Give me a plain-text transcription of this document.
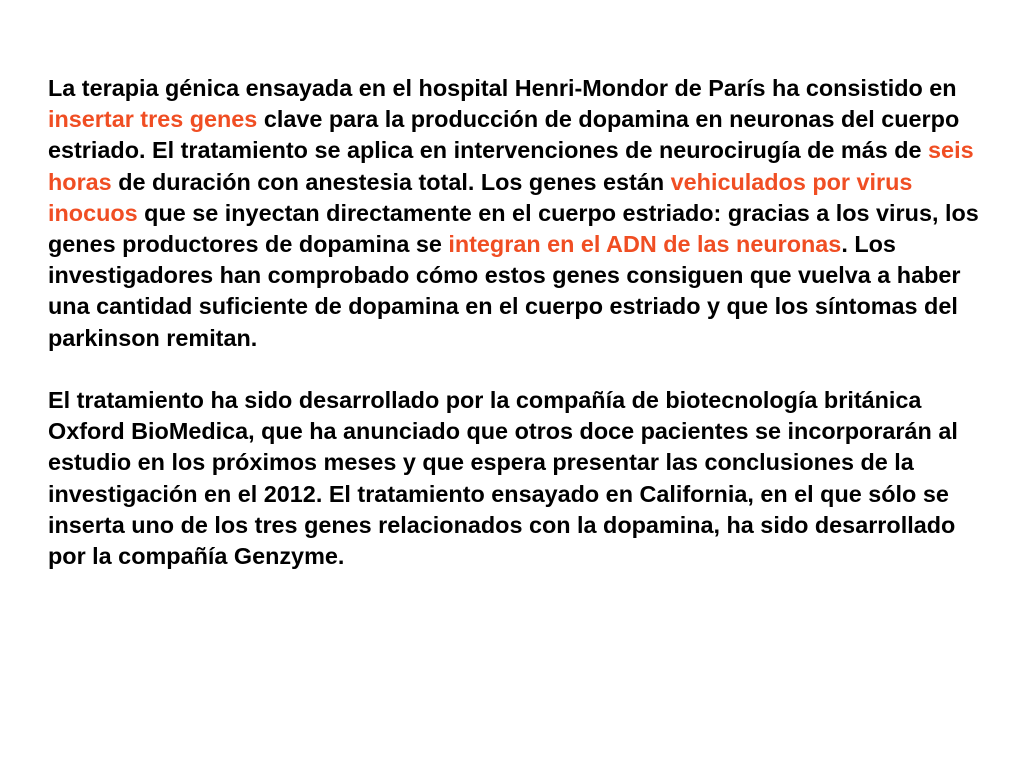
La terapia génica ensayada en el hospital Henri-Mondor de París ha consistido en insertar tres genes clave para la producción de dopamina en neuronas del cuerpo estriado. El tratamiento se aplica en intervenciones de neurocirugía de más de seis horas de duración con anestesia total. Los genes están vehiculados por virus inocuos que se inyectan directamente en el cuerpo estriado: gracias a los virus, los genes productores de dopamina se integran en el ADN de las neuronas. Los investigadores han comprobado cómo estos genes consiguen que vuelva a haber una cantidad suficiente de dopamina en el cuerpo estriado y que los síntomas del parkinson remitan.

El tratamiento ha sido desarrollado por la compañía de biotecnología británica Oxford BioMedica, que ha anunciado que otros doce pacientes se incorporarán al estudio en los próximos meses y que espera presentar las conclusiones de la investigación en el 2012. El tratamiento ensayado en California, en el que sólo se inserta uno de los tres genes relacionados con la dopamina, ha sido desarrollado por la compañía Genzyme.
